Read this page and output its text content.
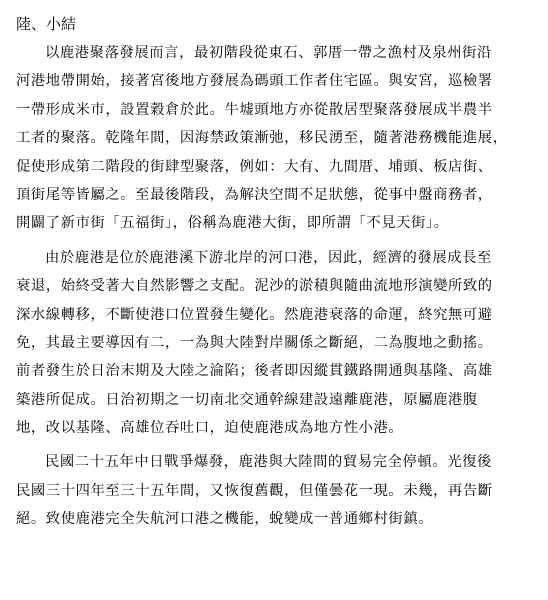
陸、小結
以鹿港聚落發展而言，最初階段從東石、郭厝一帶之漁村及泉州街沿
河港地帶開始，接著宮後地方發展為碼頭工作者住宅區。與安宮，巡檢署
一帶形成米市，設置穀倉於此。牛墟頭地方亦從散居型聚落發展成半農半
工者的聚落。乾隆年間，因海禁政策漸弛，移民湧至，隨著港務機能進展，
促使形成第二階段的街肆型聚落，例如：大有、九間厝、埔頭、板店街、
頂街尾等皆屬之。至最後階段，為解決空間不足狀態，從事中盤商務者，
開闢了新市街「五福街」，俗稱為鹿港大街，即所謂「不見天街」。
由於鹿港是位於鹿港溪下游北岸的河口港，因此，經濟的發展成長至
衰退，始終受著大自然影響之支配。泥沙的淤積與隨曲流地形演變所致的
深水線轉移，不斷使港口位置發生變化。然鹿港衰落的命運，終究無可避
免，其最主要導因有二，一為與大陸對岸關係之斷絕，二為腹地之動搖。
前者發生於日治末期及大陸之淪陷；後者即因縱貫鐵路開通與基隆、高雄
築港所促成。日治初期之一切南北交通幹線建設遠離鹿港，原屬鹿港腹
地，改以基隆、高雄位吞吐口，迫使鹿港成為地方性小港。
民國二十五年中日戰爭爆發，鹿港與大陸間的貿易完全停頓。光復後
民國三十四年至三十五年間，又恢復舊觀，但僅曇花一現。未幾，再告斷
絕。致使鹿港完全失航河口港之機能，蛻變成一普通鄉村街鎮。
